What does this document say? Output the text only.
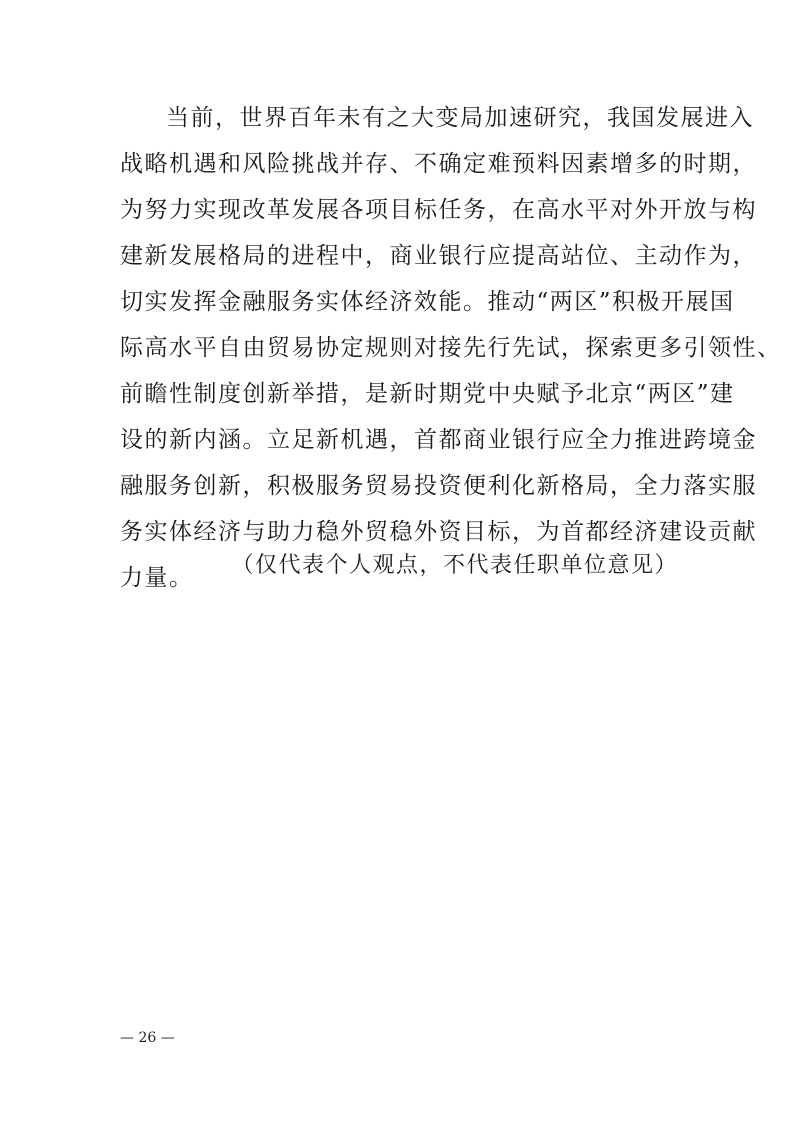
当前，世界百年未有之大变局加速研究，我国发展进入
战略机遇和风险挑战并存、不确定难预料因素增多的时期，
为努力实现改革发展各项目标任务，在高水平对外开放与构
建新发展格局的进程中，商业银行应提高站位、主动作为，
切实发挥金融服务实体经济效能。推动“两区”积极开展国
际高水平自由贸易协定规则对接先行先试，探索更多引领性、
前瞻性制度创新举措，是新时期党中央赋予北京“两区”建
设的新内涵。立足新机遇，首都商业银行应全力推进跨境金
融服务创新，积极服务贸易投资便利化新格局，全力落实服
务实体经济与助力稳外贸稳外资目标，为首都经济建设贡献
力量。	（仅代表个人观点，不代表任职单位意见）
— 26 —
